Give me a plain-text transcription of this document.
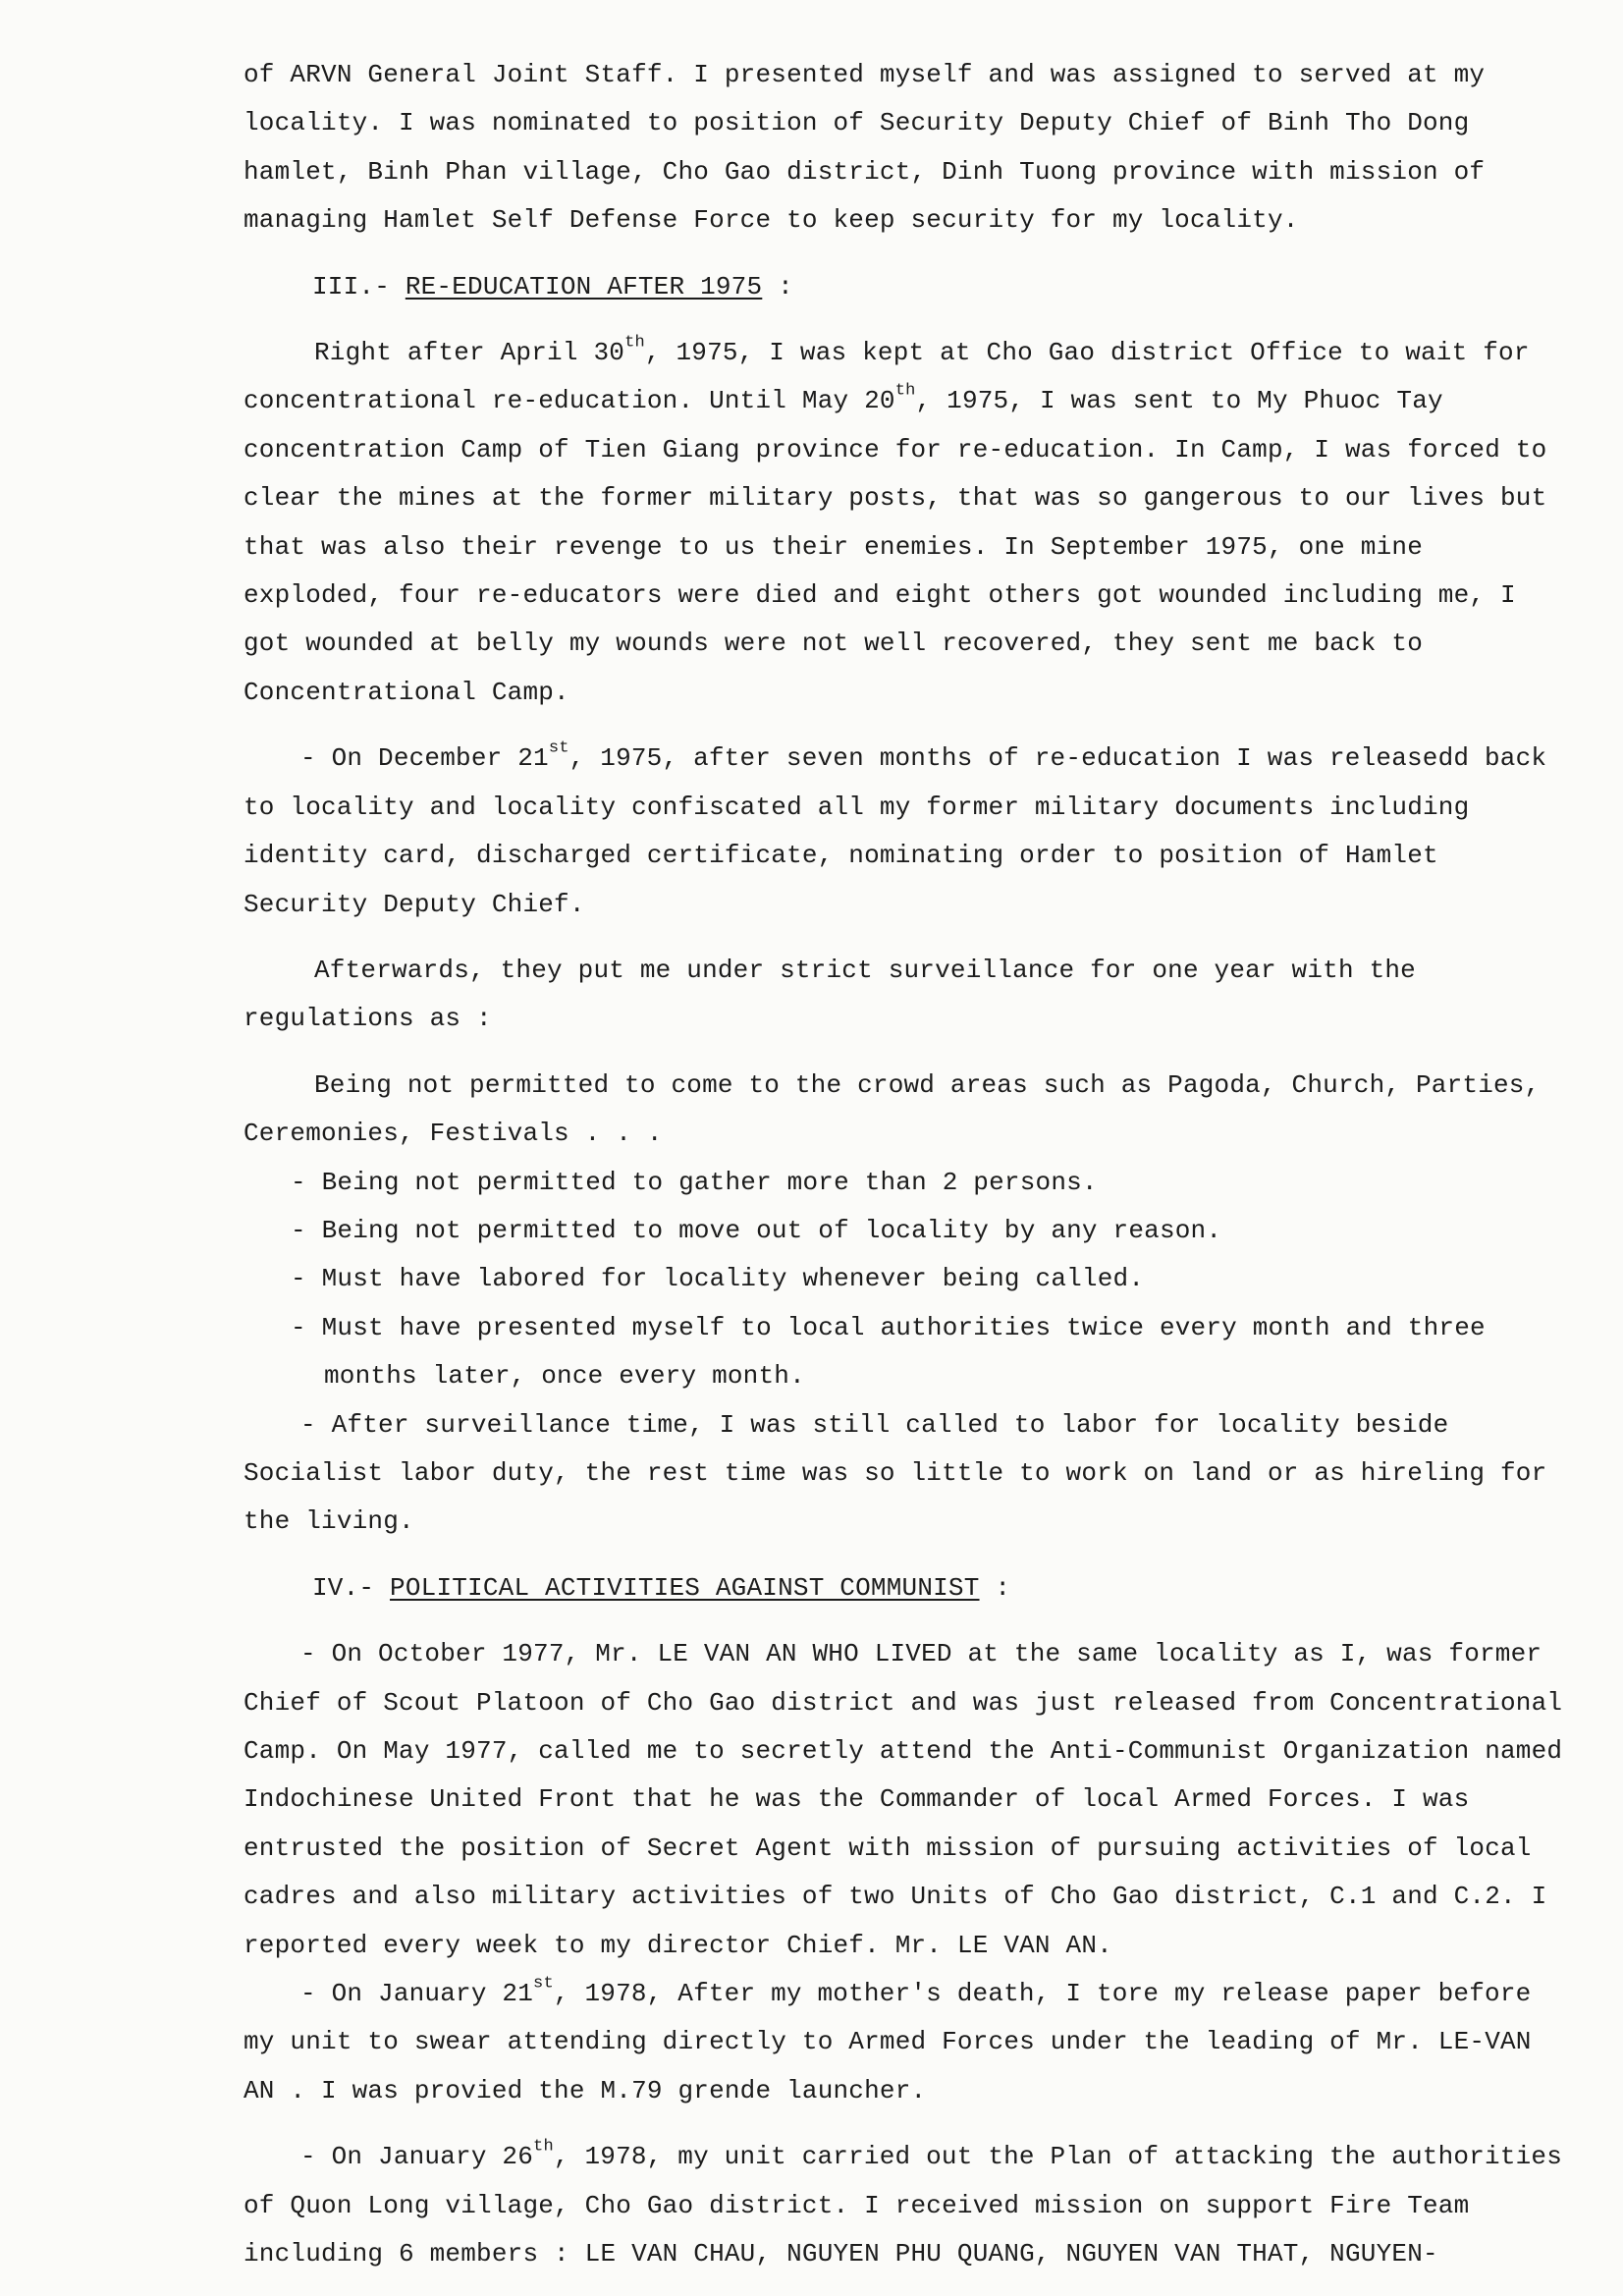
of ARVN General Joint Staff. I presented myself and was assigned to served at my locality. I was nominated to position of Security Deputy Chief of Binh Tho Dong hamlet, Binh Phan village, Cho Gao district, Dinh Tuong province with mission of managing Hamlet Self Defense Force to keep security for my locality.

III.- RE-EDUCATION AFTER 1975 :

Right after April 30th, 1975, I was kept at Cho Gao district Office to wait for concentrational re-education. Until May 20th, 1975, I was sent to My Phuoc Tay concentration Camp of Tien Giang province for re-education. In Camp, I was forced to clear the mines at the former military posts, that was so gangerous to our lives but that was also their revenge to us their enemies. In September 1975, one mine exploded, four re-educators were died and eight others got wounded including me, I got wounded at belly my wounds were not well recovered, they sent me back to Concentrational Camp.

- On December 21st, 1975, after seven months of re-education I was releasedd back to locality and locality confiscated all my former military documents including identity card, discharged certificate, nominating order to position of Hamlet Security Deputy Chief.

Afterwards, they put me under strict surveillance for one year with the regulations as :

Being not permitted to come to the crowd areas such as Pagoda, Church, Parties, Ceremonies, Festivals . . .

- Being not permitted to gather more than 2 persons.

- Being not permitted to move out of locality by any reason.

- Must have labored for locality whenever being called.

- Must have presented myself to local authorities twice every month and three months later, once every month.

- After surveillance time, I was still called to labor for locality beside Socialist labor duty, the rest time was so little to work on land or as hireling for the living.

IV.- POLITICAL ACTIVITIES AGAINST COMMUNIST :

- On October 1977, Mr. LE VAN AN WHO LIVED at the same locality as I, was former Chief of Scout Platoon of Cho Gao district and was just released from Concentrational Camp. On May 1977, called me to secretly attend the Anti-Communist Organization named Indochinese United Front that he was the Commander of local Armed Forces. I was entrusted the position of Secret Agent with mission of pursuing activities of local cadres and also military activities of two Units of Cho Gao district, C.1 and C.2. I reported every week to my director Chief. Mr. LE VAN AN.

- On January 21st, 1978, After my mother's death, I tore my release paper before my unit to swear attending directly to Armed Forces under the leading of Mr. LE-VAN AN . I was provied the M.79 grende launcher.

- On January 26th, 1978, my unit carried out the Plan of attacking the authorities of Quon Long village, Cho Gao district. I received mission on support Fire Team including 6 members : LE VAN CHAU, NGUYEN PHU QUANG, NGUYEN VAN THAT, NGUYEN-
